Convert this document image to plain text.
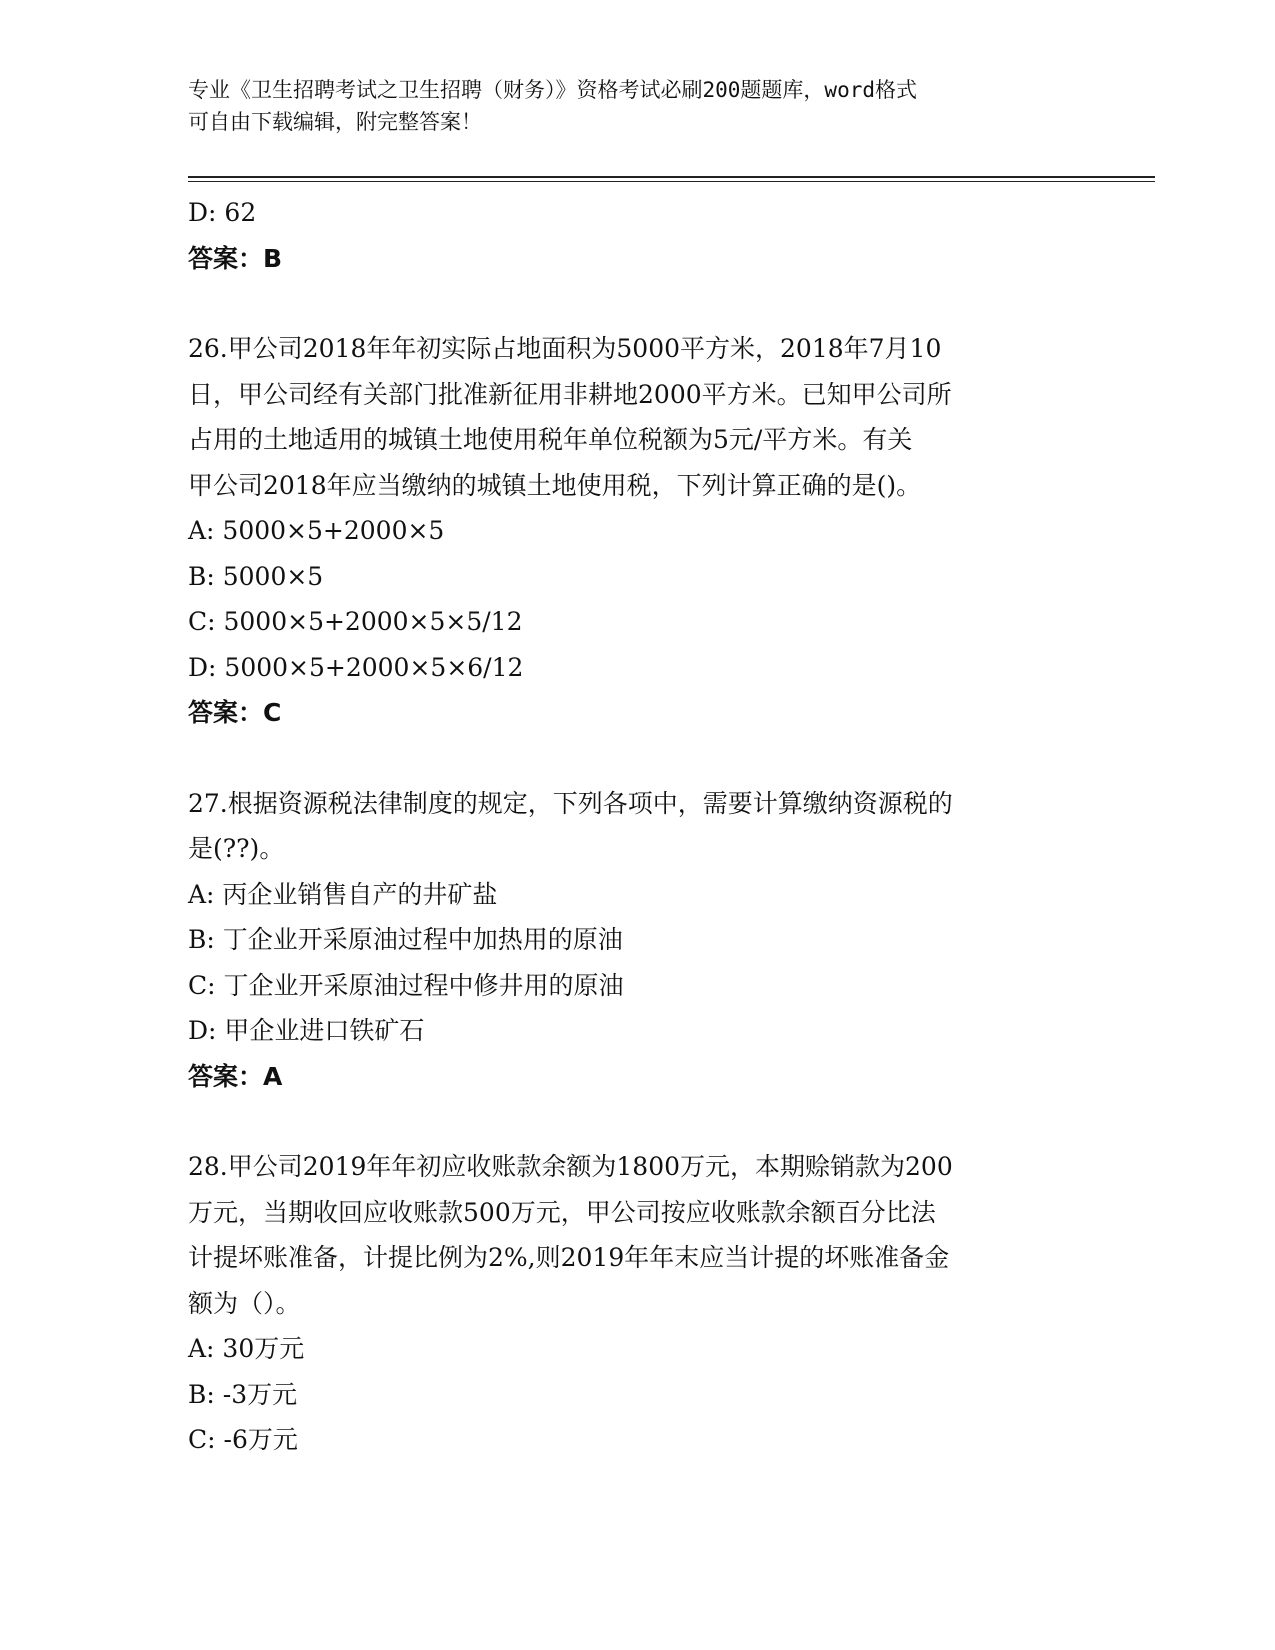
专业《卫生招聘考试之卫生招聘（财务）》资格考试必刷200题题库，word格式
可自由下载编辑，附完整答案！
D: 62
答案：B
26.甲公司2018年年初实际占地面积为5000平方米，2018年7月10
日，甲公司经有关部门批准新征用非耕地2000平方米。已知甲公司所
占用的土地适用的城镇土地使用税年单位税额为5元/平方米。有关
甲公司2018年应当缴纳的城镇土地使用税，下列计算正确的是()。
A: 5000×5+2000×5
B: 5000×5
C: 5000×5+2000×5×5/12
D: 5000×5+2000×5×6/12
答案：C
27.根据资源税法律制度的规定，下列各项中，需要计算缴纳资源税的
是(??)。
A: 丙企业销售自产的井矿盐
B: 丁企业开采原油过程中加热用的原油
C: 丁企业开采原油过程中修井用的原油
D: 甲企业进口铁矿石
答案：A
28.甲公司2019年年初应收账款余额为1800万元，本期赊销款为200
万元，当期收回应收账款500万元，甲公司按应收账款余额百分比法
计提坏账准备，计提比例为2%,则2019年年末应当计提的坏账准备金
额为（）。
A: 30万元
B: -3万元
C: -6万元
